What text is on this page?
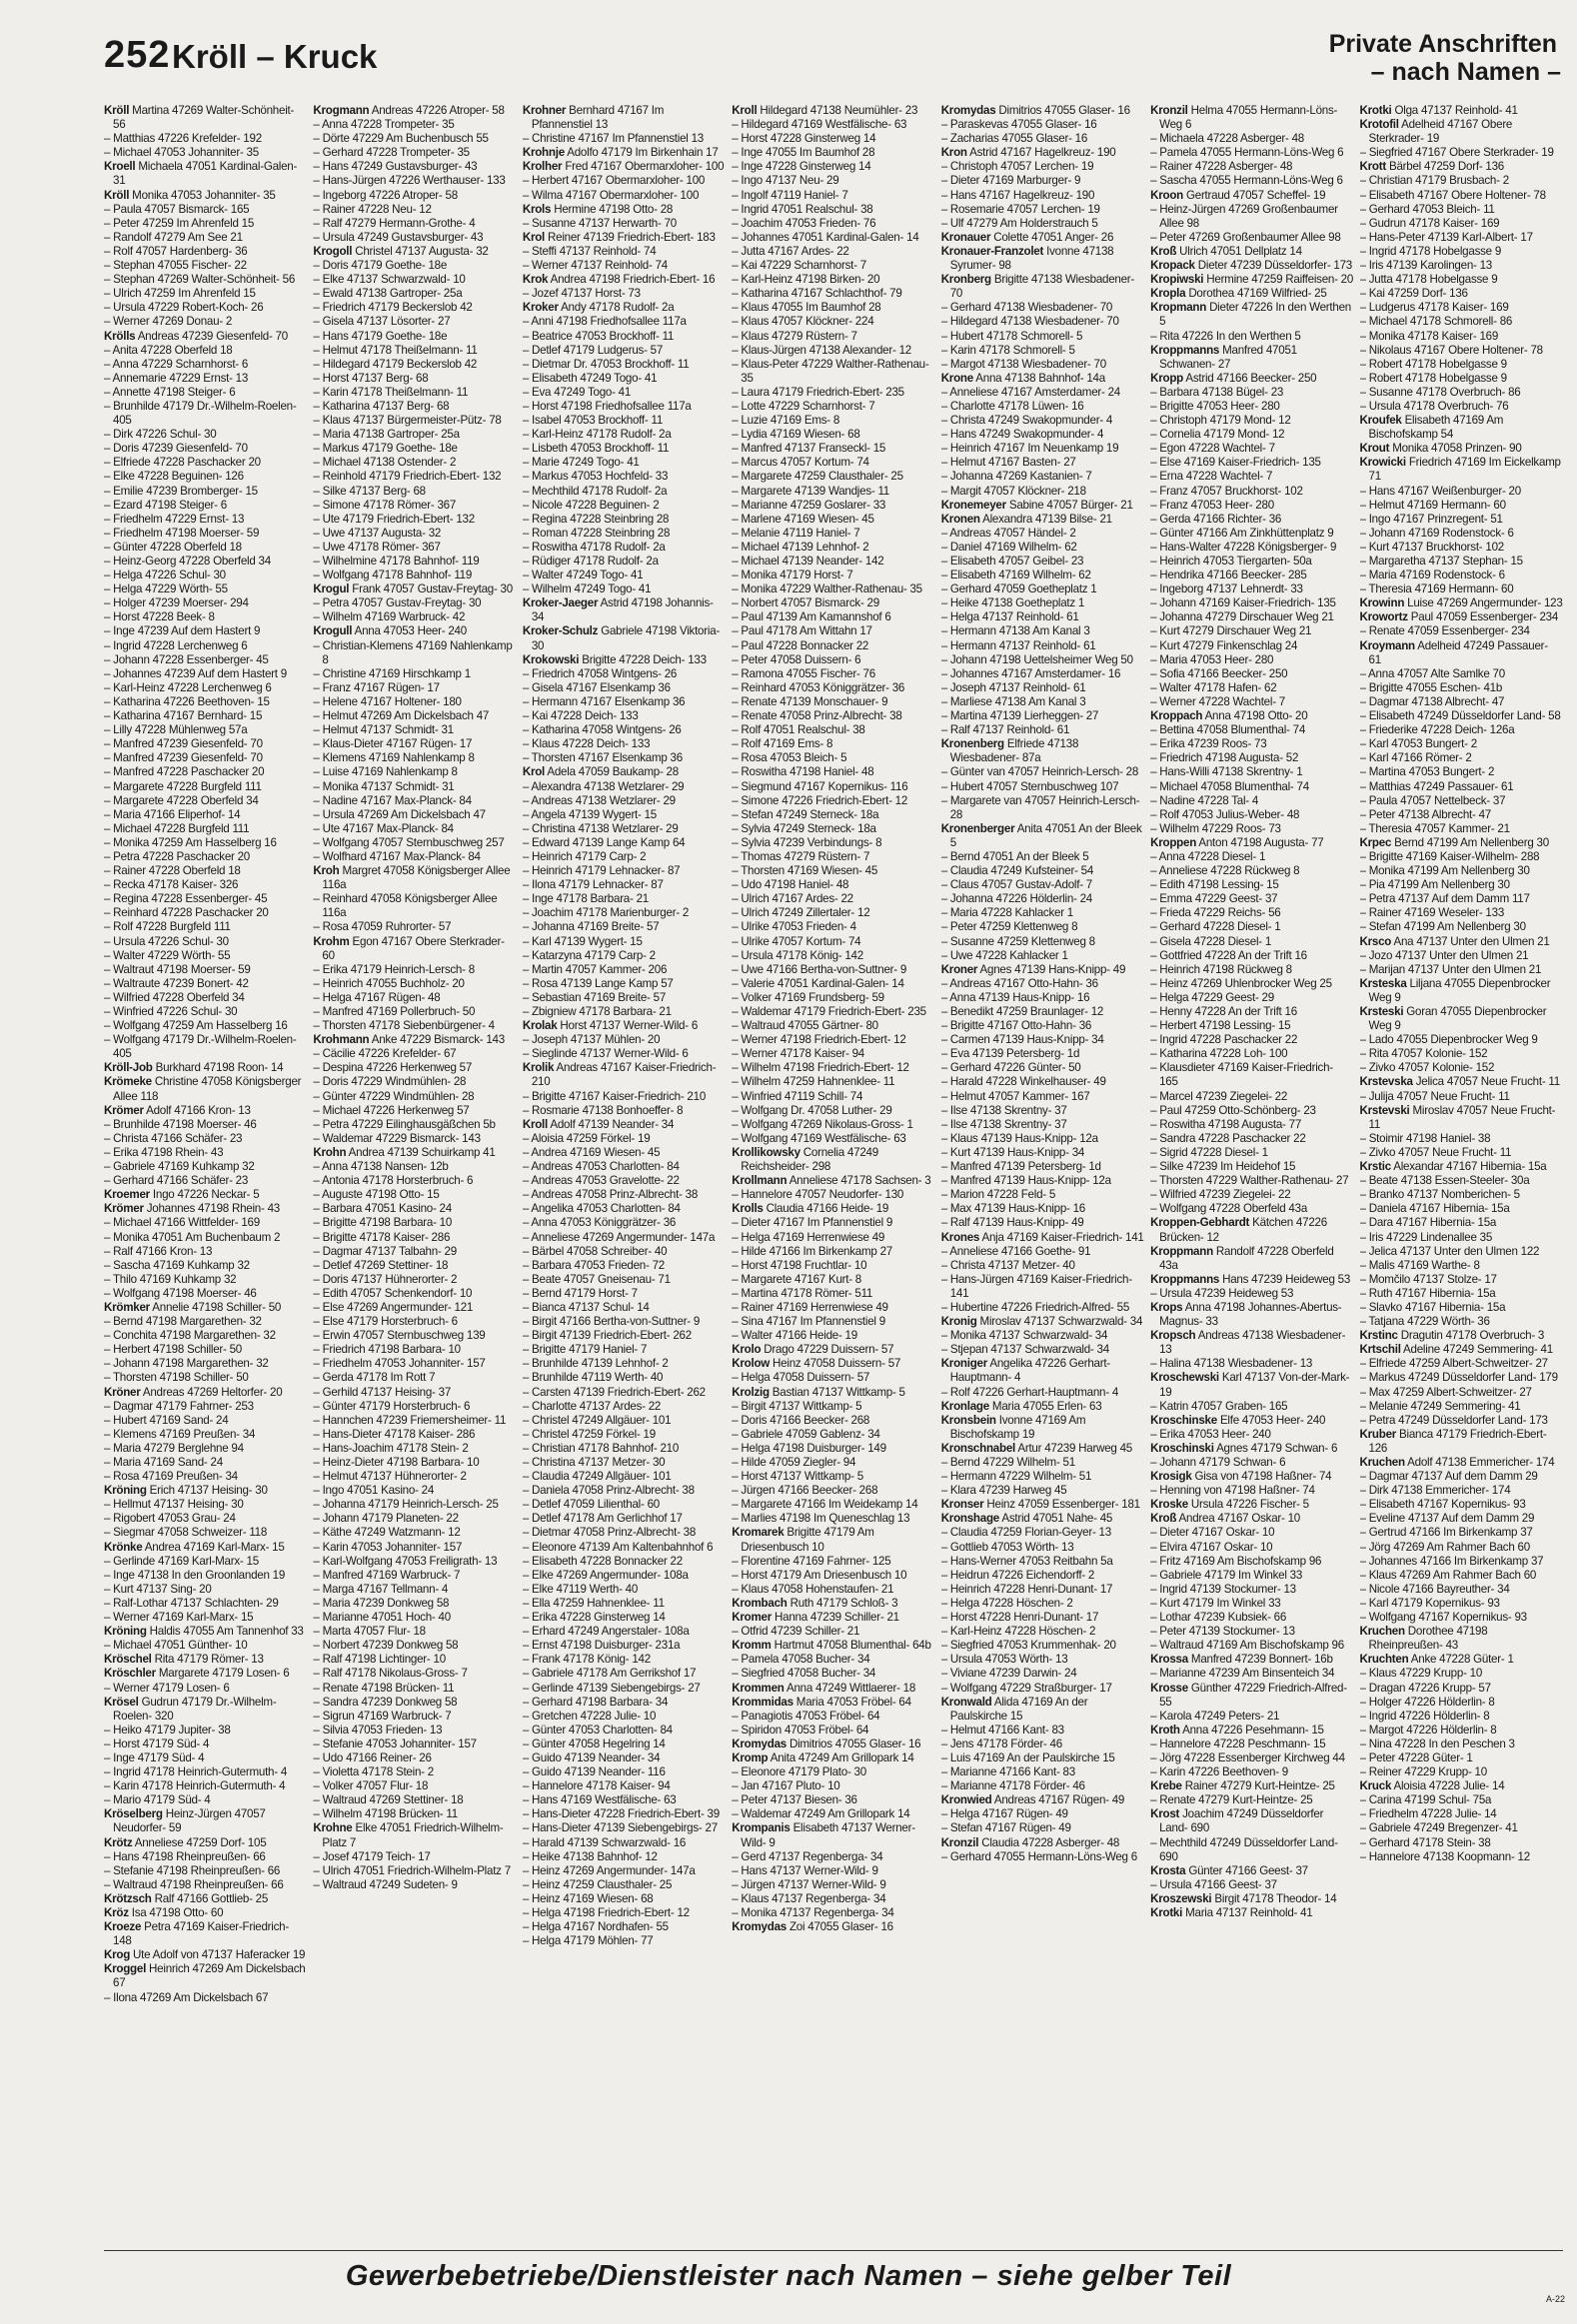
252 Kröll – Kruck	Private Anschriften
– nach Namen –
Kröll Martina 47269 Walter-Schönheit- 56
– Matthias 47226 Krefelder- 192
– Michael 47053 Johanniter- 35
Kroell Michaela 47051 Kardinal-Galen- 31
Kröll Monika 47053 Johanniter- 35
– Paula 47057 Bismarck- 165
– Peter 47259 Im Ahrenfeld 15
– Randolf 47279 Am See 21
– Rolf 47057 Hardenberg- 36
– Stephan 47055 Fischer- 22
– Stephan 47269 Walter-Schönheit- 56
– Ulrich 47259 Im Ahrenfeld 15
– Ursula 47229 Robert-Koch- 26
– Werner 47269 Donau- 2
Krölls Andreas 47239 Giesenfeld- 70
– Anita 47228 Oberfeld 18
– Anna 47229 Scharnhorst- 6
– Annemarie 47229 Ernst- 13
– Annette 47198 Steiger- 6
– Brunhilde 47179 Dr.-Wilhelm-Roelen- 405
– Dirk 47226 Schul- 30
– Doris 47239 Giesenfeld- 70
– Elfriede 47228 Paschacker 20
– Elke 47228 Beguinen- 126
– Emilie 47239 Bromberger- 15
– Ezard 47198 Steiger- 6
– Friedhelm 47229 Ernst- 13
– Friedhelm 47198 Moerser- 59
– Günter 47228 Oberfeld 18
– Heinz-Georg 47228 Oberfeld 34
– Helga 47226 Schul- 30
– Helga 47229 Wörth- 55
– Holger 47239 Moerser- 294
– Horst 47228 Beek- 8
– Inge 47239 Auf dem Hastert 9
– Ingrid 47228 Lerchenweg 6
– Johann 47228 Essenberger- 45
– Johannes 47239 Auf dem Hastert 9
– Karl-Heinz 47228 Lerchenweg 6
– Katharina 47226 Beethoven- 15
– Katharina 47167 Bernhard- 15
– Lilly 47228 Mühlenweg 57a
– Manfred 47239 Giesenfeld- 70
– Manfred 47239 Giesenfeld- 70
– Manfred 47228 Paschacker 20
– Margarete 47228 Burgfeld 111
– Margarete 47228 Oberfeld 34
– Maria 47166 Eliperhof- 14
– Michael 47228 Burgfeld 111
– Monika 47259 Am Hasselberg 16
– Petra 47228 Paschacker 20
– Rainer 47228 Oberfeld 18
– Recka 47178 Kaiser- 326
– Regina 47228 Essenberger- 45
– Reinhard 47228 Paschacker 20
– Rolf 47228 Burgfeld 111
– Ursula 47226 Schul- 30
– Walter 47229 Wörth- 55
– Waltraut 47198 Moerser- 59
– Waltraute 47239 Bonert- 42
– Wilfried 47228 Oberfeld 34
– Winfried 47226 Schul- 30
– Wolfgang 47259 Am Hasselberg 16
– Wolfgang 47179 Dr.-Wilhelm-Roelen- 405
Kröll-Job Burkhard 47198 Roon- 14
Krömeke Christine 47058 Königsberger Allee 118
Krömer Adolf 47166 Kron- 13
– Brunhilde 47198 Moerser- 46
– Christa 47166 Schäfer- 23
– Erika 47198 Rhein- 43
– Gabriele 47169 Kuhkamp 32
– Gerhard 47166 Schäfer- 23
Kroemer Ingo 47226 Neckar- 5
Krömer Johannes 47198 Rhein- 43
– Michael 47166 Wittfelder- 169
– Monika 47051 Am Buchenbaum 2
– Ralf 47166 Kron- 13
– Sascha 47169 Kuhkamp 32
– Thilo 47169 Kuhkamp 32
– Wolfgang 47198 Moerser- 46
Krömker Annelie 47198 Schiller- 50
– Bernd 47198 Margarethen- 32
– Conchita 47198 Margarethen- 32
– Herbert 47198 Schiller- 50
– Johann 47198 Margarethen- 32
– Thorsten 47198 Schiller- 50
Kröner Andreas 47269 Heltorfer- 20
– Dagmar 47179 Fahrner- 253
– Hubert 47169 Sand- 24
– Klemens 47169 Preußen- 34
– Maria 47279 Berglehne 94
– Maria 47169 Sand- 24
– Rosa 47169 Preußen- 34
Kröning Erich 47137 Heising- 30
– Hellmut 47137 Heising- 30
– Rigobert 47053 Grau- 24
– Siegmar 47058 Schweizer- 118
Krönke Andrea 47169 Karl-Marx- 15
– Gerlinde 47169 Karl-Marx- 15
– Inge 47138 In den Groonlanden 19
– Kurt 47137 Sing- 20
– Ralf-Lothar 47137 Schlachten- 29
– Werner 47169 Karl-Marx- 15
Kröning Haldis 47055 Am Tannenhof 33
– Michael 47051 Günther- 10
Kröschel Rita 47179 Römer- 13
Kröschler Margarete 47179 Losen- 6
– Werner 47179 Losen- 6
Krösel Gudrun 47179 Dr.-Wilhelm-Roelen- 320
– Heiko 47179 Jupiter- 38
– Horst 47179 Süd- 4
– Inge 47179 Süd- 4
– Ingrid 47178 Heinrich-Gutermuth- 4
– Karin 47178 Heinrich-Gutermuth- 4
– Mario 47179 Süd- 4
Kröselberg Heinz-Jürgen 47057 Neudorfer- 59
Krötz Anneliese 47259 Dorf- 105
– Hans 47198 Rheinpreußen- 66
– Stefanie 47198 Rheinpreußen- 66
– Waltraud 47198 Rheinpreußen- 66
Krötzsch Ralf 47166 Gottlieb- 25
Kröz Isa 47198 Otto- 60
Kroeze Petra 47169 Kaiser-Friedrich- 148
Krog Ute Adolf von 47137 Haferacker 19
Kroggel Heinrich 47269 Am Dickelsbach 67
– Ilona 47269 Am Dickelsbach 67
Krogmann Andreas 47226 Atroper- 58
– Anna 47228 Trompeter- 35
– Dörte 47229 Am Buchenbusch 55
– Gerhard 47228 Trompeter- 35
– Hans 47249 Gustavsburger- 43
– Hans-Jürgen 47226 Werthauser- 133
– Ingeborg 47226 Atroper- 58
– Rainer 47228 Neu- 12
– Ralf 47279 Hermann-Grothe- 4
– Ursula 47249 Gustavsburger- 43
Krogoll Christel 47137 Augusta- 32
– Doris 47179 Goethe- 18e
– Elke 47137 Schwarzwald- 10
– Ewald 47138 Gartroper- 25a
– Friedrich 47179 Beckerslob 42
– Gisela 47137 Lösorter- 27
– Hans 47179 Goethe- 18e
– Helmut 47178 Theißelmann- 11
– Hildegard 47179 Beckerslob 42
– Horst 47137 Berg- 68
– Karin 47178 Theißelmann- 11
– Katharina 47137 Berg- 68
– Klaus 47137 Bürgermeister-Pütz- 78
– Maria 47138 Gartroper- 25a
– Markus 47179 Goethe- 18e
– Michael 47138 Ostender- 2
– Reinhold 47179 Friedrich-Ebert- 132
– Silke 47137 Berg- 68
– Simone 47178 Römer- 367
– Ute 47179 Friedrich-Ebert- 132
– Uwe 47137 Augusta- 32
– Uwe 47178 Römer- 367
– Wilhelmine 47178 Bahnhof- 119
– Wolfgang 47178 Bahnhof- 119
Krogul Frank 47057 Gustav-Freytag- 30
– Petra 47057 Gustav-Freytag- 30
– Wilhelm 47169 Warbruck- 42
Krogull Anna 47053 Heer- 240
– Christian-Klemens 47169 Nahlenkamp 8
– Christine 47169 Hirschkamp 1
– Franz 47167 Rügen- 17
– Helene 47167 Holtener- 180
– Helmut 47269 Am Dickelsbach 47
– Helmut 47137 Schmidt- 31
– Klaus-Dieter 47167 Rügen- 17
– Klemens 47169 Nahlenkamp 8
– Luise 47169 Nahlenkamp 8
– Monika 47137 Schmidt- 31
– Nadine 47167 Max-Planck- 84
– Ursula 47269 Am Dickelsbach 47
– Ute 47167 Max-Planck- 84
– Wolfgang 47057 Sternbuschweg 257
– Wolfhard 47167 Max-Planck- 84
Kroh Margret 47058 Königsberger Allee 116a
– Reinhard 47058 Königsberger Allee 116a
– Rosa 47059 Ruhrorter- 57
Krohm Egon 47167 Obere Sterkrader- 60
– Erika 47179 Heinrich-Lersch- 8
– Heinrich 47055 Buchholz- 20
– Helga 47167 Rügen- 48
– Manfred 47169 Pollerbruch- 50
– Thorsten 47178 Siebenbürgener- 4
Krohmann Anke 47229 Bismarck- 143
– Cäcilie 47226 Krefelder- 67
– Despina 47226 Herkenweg 57
– Doris 47229 Windmühlen- 28
– Günter 47229 Windmühlen- 28
– Michael 47226 Herkenweg 57
– Petra 47229 Eilinghausgäßchen 5b
– Waldemar 47229 Bismarck- 143
Krohn Andrea 47139 Schuirkamp 41
– Anna 47138 Nansen- 12b
– Antonia 47178 Horsterbruch- 6
– Auguste 47198 Otto- 15
– Barbara 47051 Kasino- 24
– Brigitte 47198 Barbara- 10
– Brigitte 47178 Kaiser- 286
– Dagmar 47137 Talbahn- 29
– Detlef 47269 Stettiner- 18
– Doris 47137 Hühnerorter- 2
– Edith 47057 Schenkendorf- 10
– Else 47269 Angermunder- 121
– Else 47179 Horsterbruch- 6
– Erwin 47057 Sternbuschweg 139
– Friedrich 47198 Barbara- 10
– Friedhelm 47053 Johanniter- 157
– Gerda 47178 Im Rott 7
– Gerhild 47137 Heising- 37
– Günter 47179 Horsterbruch- 6
– Hannchen 47239 Friemersheimer- 11
– Hans-Dieter 47178 Kaiser- 286
– Hans-Joachim 47178 Stein- 2
– Heinz-Dieter 47198 Barbara- 10
– Helmut 47137 Hühnerorter- 2
– Ingo 47051 Kasino- 24
– Johanna 47179 Heinrich-Lersch- 25
– Johann 47179 Planeten- 22
– Käthe 47249 Watzmann- 12
– Karin 47053 Johanniter- 157
– Karl-Wolfgang 47053 Freiligrath- 13
– Manfred 47169 Warbruck- 7
– Marga 47167 Tellmann- 4
– Maria 47239 Donkweg 58
– Marianne 47051 Hoch- 40
– Marta 47057 Flur- 18
– Norbert 47239 Donkweg 58
– Ralf 47198 Lichtinger- 10
– Ralf 47178 Nikolaus-Gross- 7
– Renate 47198 Brücken- 11
– Sandra 47239 Donkweg 58
– Sigrun 47169 Warbruck- 7
– Silvia 47053 Frieden- 13
– Stefanie 47053 Johanniter- 157
– Udo 47166 Reiner- 26
– Violetta 47178 Stein- 2
– Volker 47057 Flur- 18
– Waltraud 47269 Stettiner- 18
– Wilhelm 47198 Brücken- 11
Krohne Elke 47051 Friedrich-Wilhelm-Platz 7
– Josef 47179 Teich- 17
– Ulrich 47051 Friedrich-Wilhelm-Platz 7
– Waltraud 47249 Sudeten- 9
Krohner Bernhard 47167 Im Pfannenstiel 13
– Christine 47167 Im Pfannenstiel 13
Krohnje Adolfo 47179 Im Birkenhain 17
Krolher Fred 47167 Obermarxloher- 100
– Herbert 47167 Obermarxloher- 100
– Wilma 47167 Obermarxloher- 100
Krols Hermine 47198 Otto- 28
– Susanne 47137 Herwarth- 70
Krol Reiner 47139 Friedrich-Ebert- 183
– Steffi 47137 Reinhold- 74
– Werner 47137 Reinhold- 74
Krok Andrea 47198 Friedrich-Ebert- 16
– Jozef 47137 Horst- 73
Kroker Andy 47178 Rudolf- 2a
– Anni 47198 Friedhofsallee 117a
– Beatrice 47053 Brockhoff- 11
– Detlef 47179 Ludgerus- 57
– Dietmar Dr. 47053 Brockhoff- 11
– Elisabeth 47249 Togo- 41
– Eva 47249 Togo- 41
– Horst 47198 Friedhofsallee 117a
– Isabel 47053 Brockhoff- 11
– Karl-Heinz 47178 Rudolf- 2a
– Lisbeth 47053 Brockhoff- 11
– Marie 47249 Togo- 41
– Markus 47053 Hochfeld- 33
– Mechthild 47178 Rudolf- 2a
– Nicole 47228 Beguinen- 2
– Regina 47228 Steinbring 28
– Roman 47228 Steinbring 28
– Roswitha 47178 Rudolf- 2a
– Rüdiger 47178 Rudolf- 2a
– Walter 47249 Togo- 41
– Wilhelm 47249 Togo- 41
Kroker-Jaeger Astrid 47198 Johannis- 34
Kroker-Schulz Gabriele 47198 Viktoria- 30
Krokowski Brigitte 47228 Deich- 133
– Friedrich 47058 Wintgens- 26
– Gisela 47167 Elsenkamp 36
– Hermann 47167 Elsenkamp 36
– Kai 47228 Deich- 133
– Katharina 47058 Wintgens- 26
– Klaus 47228 Deich- 133
– Thorsten 47167 Elsenkamp 36
Krol Adela 47059 Baukamp- 28
– Alexandra 47138 Wetzlarer- 29
– Andreas 47138 Wetzlarer- 29
– Angela 47139 Wygert- 15
– Christina 47138 Wetzlarer- 29
– Edward 47139 Lange Kamp 64
– Heinrich 47179 Carp- 2
– Heinrich 47179 Lehnacker- 87
– Ilona 47179 Lehnacker- 87
– Inge 47178 Barbara- 21
– Joachim 47178 Marienburger- 2
– Johanna 47169 Breite- 57
– Karl 47139 Wygert- 15
– Katarzyna 47179 Carp- 2
– Martin 47057 Kammer- 206
– Rosa 47139 Lange Kamp 57
– Sebastian 47169 Breite- 57
– Zbigniew 47178 Barbara- 21
Krolak Horst 47137 Werner-Wild- 6
– Joseph 47137 Mühlen- 20
– Sieglinde 47137 Werner-Wild- 6
Krolik Andreas 47167 Kaiser-Friedrich- 210
– Brigitte 47167 Kaiser-Friedrich- 210
– Rosmarie 47138 Bonhoeffer- 8
Kroll Adolf 47139 Neander- 34
– Aloisia 47259 Förkel- 19
– Andrea 47169 Wiesen- 45
– Andreas 47053 Charlotten- 84
– Andreas 47053 Gravelotte- 22
– Andreas 47058 Prinz-Albrecht- 38
– Angelika 47053 Charlotten- 84
– Anna 47053 Königgrätzer- 36
– Anneliese 47269 Angermunder- 147a
– Bärbel 47058 Schreiber- 40
– Barbara 47053 Frieden- 72
– Beate 47057 Gneisenau- 71
– Bernd 47179 Horst- 7
– Bianca 47137 Schul- 14
– Birgit 47166 Bertha-von-Suttner- 9
– Birgit 47139 Friedrich-Ebert- 262
– Brigitte 47179 Haniel- 7
– Brunhilde 47139 Lehnhof- 2
– Brunhilde 47119 Werth- 40
– Carsten 47139 Friedrich-Ebert- 262
– Charlotte 47137 Ardes- 22
– Christel 47249 Allgäuer- 101
– Christel 47259 Förkel- 19
– Christian 47178 Bahnhof- 210
– Christina 47137 Metzer- 30
– Claudia 47249 Allgäuer- 101
– Daniela 47058 Prinz-Albrecht- 38
– Detlef 47059 Lilienthal- 60
– Detlef 47178 Am Gerlichhof 17
– Dietmar 47058 Prinz-Albrecht- 38
– Eleonore 47139 Am Kaltenbahnhof 6
– Elisabeth 47228 Bonnacker 22
– Elke 47269 Angermunder- 108a
– Elke 47119 Werth- 40
– Ella 47259 Hahnenklee- 11
– Erika 47228 Ginsterweg 14
– Erhard 47249 Angerstaler- 108a
– Ernst 47198 Duisburger- 231a
– Frank 47178 König- 142
– Gabriele 47178 Am Gerrikshof 17
– Gerlinde 47139 Siebengebirgs- 27
– Gerhard 47198 Barbara- 34
– Gretchen 47228 Julie- 10
– Günter 47053 Charlotten- 84
– Günter 47058 Hegelring 14
– Guido 47139 Neander- 34
– Guido 47139 Neander- 116
– Hannelore 47178 Kaiser- 94
– Hans 47169 Westfälische- 63
– Hans-Dieter 47228 Friedrich-Ebert- 39
– Hans-Dieter 47139 Siebengebirgs- 27
– Harald 47139 Schwarzwald- 16
– Heike 47138 Bahnhof- 12
– Heinz 47269 Angermunder- 147a
– Heinz 47259 Clausthaler- 25
– Heinz 47169 Wiesen- 68
– Helga 47198 Friedrich-Ebert- 12
– Helga 47167 Nordhafen- 55
– Helga 47179 Möhlen- 77
Kroll Hildegard 47138 Neumühler- 23
– Hildegard 47169 Westfälische- 63
– Horst 47228 Ginsterweg 14
– Inge 47055 Im Baumhof 28
– Inge 47228 Ginsterweg 14
– Ingo 47137 Neu- 29
– Ingolf 47119 Haniel- 7
– Ingrid 47051 Realschul- 38
– Joachim 47053 Frieden- 76
– Johannes 47051 Kardinal-Galen- 14
– Jutta 47167 Ardes- 22
– Kai 47229 Scharnhorst- 7
– Karl-Heinz 47198 Birken- 20
– Katharina 47167 Schlachthof- 79
– Klaus 47055 Im Baumhof 28
– Klaus 47057 Klöckner- 224
– Klaus 47279 Rüstern- 7
– Klaus-Jürgen 47138 Alexander- 12
– Klaus-Peter 47229 Walther-Rathenau- 35
– Laura 47179 Friedrich-Ebert- 235
– Lotte 47229 Scharnhorst- 7
– Luzie 47169 Ems- 8
– Lydia 47169 Wiesen- 68
– Manfred 47137 Franseckl- 15
– Marcus 47057 Kortum- 74
– Margarete 47259 Clausthaler- 25
– Margarete 47139 Wandjes- 11
– Marianne 47259 Goslarer- 33
– Marlene 47169 Wiesen- 45
– Melanie 47119 Haniel- 7
– Michael 47139 Lehnhof- 2
– Michael 47139 Neander- 142
– Monika 47179 Horst- 7
– Monika 47229 Walther-Rathenau- 35
– Norbert 47057 Bismarck- 29
– Paul 47139 Am Kamannshof 6
– Paul 47178 Am Wittahn 17
– Paul 47228 Bonnacker 22
– Peter 47058 Duissern- 6
– Ramona 47055 Fischer- 76
– Reinhard 47053 Königgrätzer- 36
– Renate 47139 Monschauer- 9
– Renate 47058 Prinz-Albrecht- 38
– Rolf 47051 Realschul- 38
– Rolf 47169 Ems- 8
– Rosa 47053 Bleich- 5
– Roswitha 47198 Haniel- 48
– Siegmund 47167 Kopernikus- 116
– Simone 47226 Friedrich-Ebert- 12
– Stefan 47249 Sterneck- 18a
– Sylvia 47249 Sterneck- 18a
– Sylvia 47239 Verbindungs- 8
– Thomas 47279 Rüstern- 7
– Thorsten 47169 Wiesen- 45
– Udo 47198 Haniel- 48
– Ulrich 47167 Ardes- 22
– Ulrich 47249 Zillertaler- 12
– Ulrike 47053 Frieden- 4
– Ulrike 47057 Kortum- 74
– Ursula 47178 König- 142
– Uwe 47166 Bertha-von-Suttner- 9
– Valerie 47051 Kardinal-Galen- 14
– Volker 47169 Frundsberg- 59
– Waldemar 47179 Friedrich-Ebert- 235
– Waltraud 47055 Gärtner- 80
– Werner 47198 Friedrich-Ebert- 12
– Werner 47178 Kaiser- 94
– Wilhelm 47198 Friedrich-Ebert- 12
– Wilhelm 47259 Hahnenklee- 11
– Winfried 47119 Schill- 74
– Wolfgang Dr. 47058 Luther- 29
– Wolfgang 47269 Nikolaus-Gross- 1
– Wolfgang 47169 Westfälische- 63
Krollikowsky Cornelia 47249 Reichsheider- 298
Krollmann Anneliese 47178 Sachsen- 3
– Hannelore 47057 Neudorfer- 130
Krolls Claudia 47166 Heide- 19
– Dieter 47167 Im Pfannenstiel 9
– Helga 47169 Herrenwiese 49
– Hilde 47166 Im Birkenkamp 27
– Horst 47198 Fruchtlar- 10
– Margarete 47167 Kurt- 8
– Martina 47178 Römer- 511
– Rainer 47169 Herrenwiese 49
– Sina 47167 Im Pfannenstiel 9
– Walter 47166 Heide- 19
Krolo Drago 47229 Duissern- 57
Krolow Heinz 47058 Duissern- 57
– Helga 47058 Duissern- 57
Krolzig Bastian 47137 Wittkamp- 5
– Birgit 47137 Wittkamp- 5
– Doris 47166 Beecker- 268
– Gabriele 47059 Gablenz- 34
– Helga 47198 Duisburger- 149
– Hilde 47059 Ziegler- 94
– Horst 47137 Wittkamp- 5
– Jürgen 47166 Beecker- 268
– Margarete 47166 Im Weidekamp 14
– Marlies 47198 Im Queneschlag 13
Kromarek Brigitte 47179 Am Driesenbusch 10
– Florentine 47169 Fahrner- 125
– Horst 47179 Am Driesenbusch 10
– Klaus 47058 Hohenstaufen- 21
Krombach Ruth 47179 Schloß- 3
Kromer Hanna 47239 Schiller- 21
– Otfrid 47239 Schiller- 21
Kromm Hartmut 47058 Blumenthal- 64b
– Pamela 47058 Bucher- 34
– Siegfried 47058 Bucher- 34
Krommen Anna 47249 Wittlaerer- 18
Krommidas Maria 47053 Fröbel- 64
– Panagiotis 47053 Fröbel- 64
– Spiridon 47053 Fröbel- 64
Kromydas Dimitrios 47055 Glaser- 16
Kromp Anita 47249 Am Grillopark 14
– Eleonore 47179 Plato- 30
– Jan 47167 Pluto- 10
– Peter 47137 Biesen- 36
– Waldemar 47249 Am Grillopark 14
Krompanis Elisabeth 47137 Werner-Wild- 9
– Gerd 47137 Regenberga- 34
– Hans 47137 Werner-Wild- 9
– Jürgen 47137 Werner-Wild- 9
– Klaus 47137 Regenberga- 34
– Monika 47137 Regenberga- 34
Kromydas Zoi 47055 Glaser- 16
Kromydas Dimitrios 47055 Glaser- 16
– Paraskevas 47055 Glaser- 16
– Zacharias 47055 Glaser- 16
Kron Astrid 47167 Hagelkreuz- 190
– Christoph 47057 Lerchen- 19
– Dieter 47169 Marburger- 9
– Hans 47167 Hagelkreuz- 190
– Rosemarie 47057 Lerchen- 19
– Ulf 47279 Am Holderstrauch 5
Kronauer Colette 47051 Anger- 26
Kronauer-Franzolet Ivonne 47138 Syrumer- 98
Kronberg Brigitte 47138 Wiesbadener- 70
– Gerhard 47138 Wiesbadener- 70
– Hildegard 47138 Wiesbadener- 70
– Hubert 47178 Schmorell- 5
– Karin 47178 Schmorell- 5
– Margot 47138 Wiesbadener- 70
Krone Anna 47138 Bahnhof- 14a
– Anneliese 47167 Amsterdamer- 24
– Charlotte 47178 Lüwen- 16
– Christa 47249 Swakopmunder- 4
– Hans 47249 Swakopmunder- 4
– Heinrich 47167 Im Neuenkamp 19
– Helmut 47167 Basten- 27
– Johanna 47269 Kastanien- 7
– Margit 47057 Klöckner- 218
Kronemeyer Sabine 47057 Bürger- 21
Kronen Alexandra 47139 Bilse- 21
– Andreas 47057 Händel- 2
– Daniel 47169 Wilhelm- 62
– Elisabeth 47057 Geibel- 23
– Elisabeth 47169 Wilhelm- 62
– Gerhard 47059 Goetheplatz 1
– Heike 47138 Goetheplatz 1
– Helga 47137 Reinhold- 61
– Hermann 47138 Am Kanal 3
– Hermann 47137 Reinhold- 61
– Johann 47198 Uettelsheimer Weg 50
– Johannes 47167 Amsterdamer- 16
– Joseph 47137 Reinhold- 61
– Marliese 47138 Am Kanal 3
– Martina 47139 Lierheggen- 27
– Ralf 47137 Reinhold- 61
Kronenberg Elfriede 47138 Wiesbadener- 87a
– Günter van 47057 Heinrich-Lersch- 28
– Hubert 47057 Sternbuschweg 107
– Margarete van 47057 Heinrich-Lersch- 28
Kronenberger Anita 47051 An der Bleek 5
– Bernd 47051 An der Bleek 5
– Claudia 47249 Kufsteiner- 54
– Claus 47057 Gustav-Adolf- 7
– Johanna 47226 Hölderlin- 24
– Maria 47228 Kahlacker 1
– Peter 47259 Klettenweg 8
– Susanne 47259 Klettenweg 8
– Uwe 47228 Kahlacker 1
Kroner Agnes 47139 Hans-Knipp- 49
– Andreas 47167 Otto-Hahn- 36
– Anna 47139 Haus-Knipp- 16
– Benedikt 47259 Braunlager- 12
– Brigitte 47167 Otto-Hahn- 36
– Carmen 47139 Haus-Knipp- 34
– Eva 47139 Petersberg- 1d
– Gerhard 47226 Günter- 50
– Harald 47228 Winkelhauser- 49
– Helmut 47057 Kammer- 167
– Ilse 47138 Skrentny- 37
– Ilse 47138 Skrentny- 37
– Klaus 47139 Haus-Knipp- 12a
– Kurt 47139 Haus-Knipp- 34
– Manfred 47139 Petersberg- 1d
– Manfred 47139 Haus-Knipp- 12a
– Marion 47228 Feld- 5
– Max 47139 Haus-Knipp- 16
– Ralf 47139 Haus-Knipp- 49
Krones Anja 47169 Kaiser-Friedrich- 141
– Anneliese 47166 Goethe- 91
– Christa 47137 Metzer- 40
– Hans-Jürgen 47169 Kaiser-Friedrich- 141
– Hubertine 47226 Friedrich-Alfred- 55
Kronig Miroslav 47137 Schwarzwald- 34
– Monika 47137 Schwarzwald- 34
– Stjepan 47137 Schwarzwald- 34
Kroniger Angelika 47226 Gerhart-Hauptmann- 4
– Rolf 47226 Gerhart-Hauptmann- 4
Kronlage Maria 47055 Erlen- 63
Kronsbein Ivonne 47169 Am Bischofskamp 19
Kronschnabel Artur 47239 Harweg 45
– Bernd 47229 Wilhelm- 51
– Hermann 47229 Wilhelm- 51
– Klara 47239 Harweg 45
Kronser Heinz 47059 Essenberger- 181
Kronshage Astrid 47051 Nahe- 45
– Claudia 47259 Florian-Geyer- 13
– Gottlieb 47053 Wörth- 13
– Hans-Werner 47053 Reitbahn 5a
– Heidrun 47226 Eichendorff- 2
– Heinrich 47228 Henri-Dunant- 17
– Helga 47228 Höschen- 2
– Horst 47228 Henri-Dunant- 17
– Karl-Heinz 47228 Höschen- 2
– Siegfried 47053 Krummenhak- 20
– Ursula 47053 Wörth- 13
– Viviane 47239 Darwin- 24
– Wolfgang 47229 Straßburger- 17
Kronwald Alida 47169 An der Paulskirche 15
– Helmut 47166 Kant- 83
– Jens 47178 Förder- 46
– Luis 47169 An der Paulskirche 15
– Marianne 47166 Kant- 83
– Marianne 47178 Förder- 46
Kronwied Andreas 47167 Rügen- 49
– Helga 47167 Rügen- 49
– Stefan 47167 Rügen- 49
Kronzil Claudia 47228 Asberger- 48
– Gerhard 47055 Hermann-Löns-Weg 6
Kronzil Helma 47055 Hermann-Löns-Weg 6
– Michaela 47228 Asberger- 48
– Pamela 47055 Hermann-Löns-Weg 6
– Rainer 47228 Asberger- 48
– Sascha 47055 Hermann-Löns-Weg 6
Kroon Gertraud 47057 Scheffel- 19
– Heinz-Jürgen 47269 Großenbaumer Allee 98
– Peter 47269 Großenbaumer Allee 98
Kroß Ulrich 47051 Dellplatz 14
Kropack Dieter 47239 Düsseldorfer- 173
Kropiwski Hermine 47259 Raiffeisen- 20
Kropla Dorothea 47169 Wilfried- 25
Kropmann Dieter 47226 In den Werthen 5
– Rita 47226 In den Werthen 5
Kroppmanns Manfred 47051 Schwanen- 27
Kropp Astrid 47166 Beecker- 250
– Barbara 47138 Bügel- 23
– Brigitte 47053 Heer- 280
– Christoph 47179 Mond- 12
– Cornelia 47179 Mond- 12
– Egon 47228 Wachtel- 7
– Else 47169 Kaiser-Friedrich- 135
– Erna 47228 Wachtel- 7
– Franz 47057 Bruckhorst- 102
– Franz 47053 Heer- 280
– Gerda 47166 Richter- 36
– Günter 47166 Am Zinkhüttenplatz 9
– Hans-Walter 47228 Königsberger- 9
– Heinrich 47053 Tiergarten- 50a
– Hendrika 47166 Beecker- 285
– Ingeborg 47137 Lehnerdt- 33
– Johann 47169 Kaiser-Friedrich- 135
– Johanna 47279 Dirschauer Weg 21
– Kurt 47279 Dirschauer Weg 21
– Kurt 47279 Finkenschlag 24
– Maria 47053 Heer- 280
– Sofia 47166 Beecker- 250
– Walter 47178 Hafen- 62
– Werner 47228 Wachtel- 7
Kroppach Anna 47198 Otto- 20
– Bettina 47058 Blumenthal- 74
– Erika 47239 Roos- 73
– Friedrich 47198 Augusta- 52
– Hans-Willi 47138 Skrentny- 1
– Michael 47058 Blumenthal- 74
– Nadine 47228 Tal- 4
– Rolf 47053 Julius-Weber- 48
– Wilhelm 47229 Roos- 73
Kroppen Anton 47198 Augusta- 77
– Anna 47228 Diesel- 1
– Anneliese 47228 Rückweg 8
– Edith 47198 Lessing- 15
– Emma 47229 Geest- 37
– Frieda 47229 Reichs- 56
– Gerhard 47228 Diesel- 1
– Gisela 47228 Diesel- 1
– Gottfried 47228 An der Trift 16
– Heinrich 47198 Rückweg 8
– Heinz 47269 Uhlenbrocker Weg 25
– Helga 47229 Geest- 29
– Henny 47228 An der Trift 16
– Herbert 47198 Lessing- 15
– Ingrid 47228 Paschacker 22
– Katharina 47228 Loh- 100
– Klausdieter 47169 Kaiser-Friedrich- 165
– Marcel 47239 Ziegelei- 22
– Paul 47259 Otto-Schönberg- 23
– Roswitha 47198 Augusta- 77
– Sandra 47228 Paschacker 22
– Sigrid 47228 Diesel- 1
– Silke 47239 Im Heidehof 15
– Thorsten 47229 Walther-Rathenau- 27
– Wilfried 47239 Ziegelei- 22
– Wolfgang 47228 Oberfeld 43a
Kroppen-Gebhardt Kätchen 47226 Brücken- 12
Kroppmann Randolf 47228 Oberfeld 43a
Kroppmanns Hans 47239 Heideweg 53
– Ursula 47239 Heideweg 53
Krops Anna 47198 Johannes-Abertus-Magnus- 33
Kropsch Andreas 47138 Wiesbadener- 13
– Halina 47138 Wiesbadener- 13
Kroschewski Karl 47137 Von-der-Mark- 19
– Katrin 47057 Graben- 165
Kroschinske Elfe 47053 Heer- 240
– Erika 47053 Heer- 240
Kroschinski Agnes 47179 Schwan- 6
– Johann 47179 Schwan- 6
Krosigk Gisa von 47198 Haßner- 74
– Henning von 47198 Haßner- 74
Kroske Ursula 47226 Fischer- 5
Kroß Andrea 47167 Oskar- 10
– Dieter 47167 Oskar- 10
– Elvira 47167 Oskar- 10
– Fritz 47169 Am Bischofskamp 96
– Gabriele 47179 Im Winkel 33
– Ingrid 47139 Stockumer- 13
– Kurt 47179 Im Winkel 33
– Lothar 47239 Kubsiek- 66
– Peter 47139 Stockumer- 13
– Waltraud 47169 Am Bischofskamp 96
Krossa Manfred 47239 Bonnert- 16b
– Marianne 47239 Am Binsenteich 34
Krosse Günther 47229 Friedrich-Alfred- 55
– Karola 47249 Peters- 21
Kroth Anna 47226 Pesehmann- 15
– Hannelore 47228 Peschmann- 15
– Jörg 47228 Essenberger Kirchweg 44
– Karin 47226 Beethoven- 9
Krebe Rainer 47279 Kurt-Heintze- 25
– Renate 47279 Kurt-Heintze- 25
Krost Joachim 47249 Düsseldorfer Land- 690
– Mechthild 47249 Düsseldorfer Land- 690
Krosta Günter 47166 Geest- 37
– Ursula 47166 Geest- 37
Kroszewski Birgit 47178 Theodor- 14
Krotki Maria 47137 Reinhold- 41
Krotki Olga 47137 Reinhold- 41
Krotofil Adelheid 47167 Obere Sterkrader- 19
– Siegfried 47167 Obere Sterkrader- 19
Krott Bärbel 47259 Dorf- 136
– Christian 47179 Brusbach- 2
– Elisabeth 47167 Obere Holtener- 78
– Gerhard 47053 Bleich- 11
– Gudrun 47178 Kaiser- 169
– Hans-Peter 47139 Karl-Albert- 17
– Ingrid 47178 Hobelgasse 9
– Iris 47139 Karolingen- 13
– Jutta 47178 Hobelgasse 9
– Kai 47259 Dorf- 136
– Ludgerus 47178 Kaiser- 169
– Michael 47178 Schmorell- 86
– Monika 47178 Kaiser- 169
– Nikolaus 47167 Obere Holtener- 78
– Robert 47178 Hobelgasse 9
– Robert 47178 Hobelgasse 9
– Susanne 47178 Overbruch- 86
– Ursula 47178 Overbruch- 76
Kroufek Elisabeth 47169 Am Bischofskamp 54
Krout Monika 47058 Prinzen- 90
Krowicki Friedrich 47169 Im Eickelkamp 71
– Hans 47167 Weißenburger- 20
– Helmut 47169 Hermann- 60
– Ingo 47167 Prinzregent- 51
– Johann 47169 Rodenstock- 6
– Kurt 47137 Bruckhorst- 102
– Margaretha 47137 Stephan- 15
– Maria 47169 Rodenstock- 6
– Theresia 47169 Hermann- 60
Krowinn Luise 47269 Angermunder- 123
Krowortz Paul 47059 Essenberger- 234
– Renate 47059 Essenberger- 234
Kroymann Adelheid 47249 Passauer- 61
– Anna 47057 Alte Samlke 70
– Brigitte 47055 Eschen- 41b
– Dagmar 47138 Albrecht- 47
– Elisabeth 47249 Düsseldorfer Land- 58
– Friederike 47228 Deich- 126a
– Karl 47053 Bungert- 2
– Karl 47166 Römer- 2
– Martina 47053 Bungert- 2
– Matthias 47249 Passauer- 61
– Paula 47057 Nettelbeck- 37
– Peter 47138 Albrecht- 47
– Theresia 47057 Kammer- 21
Krpec Bernd 47199 Am Nellenberg 30
– Brigitte 47169 Kaiser-Wilhelm- 288
– Monika 47199 Am Nellenberg 30
– Pia 47199 Am Nellenberg 30
– Petra 47137 Auf dem Damm 117
– Rainer 47169 Weseler- 133
– Stefan 47199 Am Nellenberg 30
Krsco Ana 47137 Unter den Ulmen 21
– Jozo 47137 Unter den Ulmen 21
– Marijan 47137 Unter den Ulmen 21
Krsteska Liljana 47055 Diepenbrocker Weg 9
Krsteski Goran 47055 Diepenbrocker Weg 9
– Lado 47055 Diepenbrocker Weg 9
– Rita 47057 Kolonie- 152
– Zivko 47057 Kolonie- 152
Krstevska Jelica 47057 Neue Frucht- 11
– Julija 47057 Neue Frucht- 11
Krstevski Miroslav 47057 Neue Frucht- 11
– Stoimir 47198 Haniel- 38
– Zivko 47057 Neue Frucht- 11
Krstic Alexandar 47167 Hibernia- 15a
– Beate 47138 Essen-Steeler- 30a
– Branko 47137 Nomberichen- 5
– Daniela 47167 Hibernia- 15a
– Dara 47167 Hibernia- 15a
– Iris 47229 Lindenallee 35
– Jelica 47137 Unter den Ulmen 122
– Malis 47169 Warthe- 8
– Momčilo 47137 Stolze- 17
– Ruth 47167 Hibernia- 15a
– Slavko 47167 Hibernia- 15a
– Tatjana 47229 Wörth- 36
Krstinc Dragutin 47178 Overbruch- 3
Krtschil Adeline 47249 Semmering- 41
– Elfriede 47259 Albert-Schweitzer- 27
– Markus 47249 Düsseldorfer Land- 179
– Max 47259 Albert-Schweitzer- 27
– Melanie 47249 Semmering- 41
– Petra 47249 Düsseldorfer Land- 173
Kruber Bianca 47179 Friedrich-Ebert- 126
Kruchen Adolf 47138 Emmericher- 174
– Dagmar 47137 Auf dem Damm 29
– Dirk 47138 Emmericher- 174
– Elisabeth 47167 Kopernikus- 93
– Eveline 47137 Auf dem Damm 29
– Gertrud 47166 Im Birkenkamp 37
– Jörg 47269 Am Rahmer Bach 60
– Johannes 47166 Im Birkenkamp 37
– Klaus 47269 Am Rahmer Bach 60
– Nicole 47166 Bayreuther- 34
– Karl 47179 Kopernikus- 93
– Wolfgang 47167 Kopernikus- 93
Kruchen Dorothee 47198 Rheinpreußen- 43
Kruchten Anke 47228 Güter- 1
– Klaus 47229 Krupp- 10
– Dragan 47226 Krupp- 57
– Holger 47226 Hölderlin- 8
– Ingrid 47226 Hölderlin- 8
– Margot 47226 Hölderlin- 8
– Nina 47228 In den Peschen 3
– Peter 47228 Güter- 1
– Reiner 47229 Krupp- 10
Kruck Aloisia 47228 Julie- 14
– Carina 47199 Schul- 75a
– Friedhelm 47228 Julie- 14
– Gabriele 47249 Bregenzer- 41
– Gerhard 47178 Stein- 38
– Hannelore 47138 Koopmann- 12
Gewerbebetriebe/Dienstleister nach Namen – siehe gelber Teil
A-22
